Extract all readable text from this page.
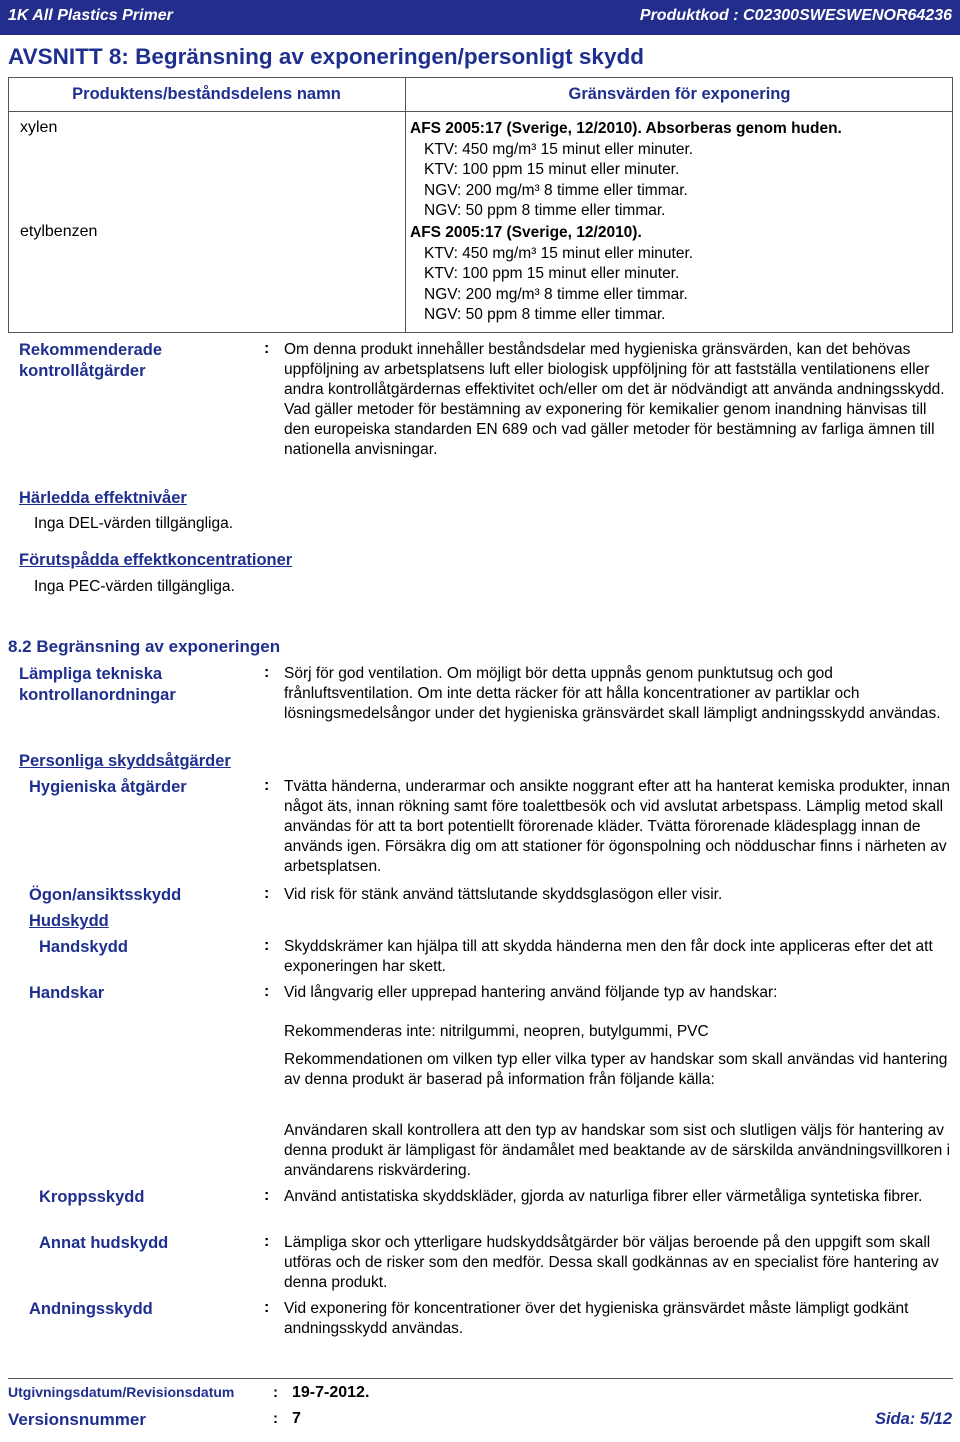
1K All Plastics Primer	Produktkod : C02300SWESWENOR64236
AVSNITT 8: Begränsning av exponeringen/personligt skydd
Produktens/beståndsdelens namn	Gränsvärden för exponering
xylen	AFS 2005:17 (Sverige, 12/2010). Absorberas genom huden.
KTV: 450 mg/m³ 15 minut eller minuter.
KTV: 100 ppm 15 minut eller minuter.
NGV: 200 mg/m³ 8 timme eller timmar.
NGV: 50 ppm 8 timme eller timmar.
etylbenzen	AFS 2005:17 (Sverige, 12/2010).
KTV: 450 mg/m³ 15 minut eller minuter.
KTV: 100 ppm 15 minut eller minuter.
NGV: 200 mg/m³ 8 timme eller timmar.
NGV: 50 ppm 8 timme eller timmar.
Rekommenderade
kontrollåtgärder
: Om denna produkt innehåller beståndsdelar med hygieniska gränsvärden, kan det behövas uppföljning av arbetsplatsens luft eller biologisk uppföljning för att fastställa ventilationens eller andra kontrollåtgärdernas effektivitet och/eller om det är nödvändigt att använda andningsskydd. Vad gäller metoder för bestämning av exponering för kemikalier genom inandning hänvisas till den europeiska standarden EN 689 och vad gäller metoder för bestämning av farliga ämnen till nationella anvisningar.
Härledda effektnivåer
Inga DEL-värden tillgängliga.
Förutspådda effektkoncentrationer
Inga PEC-värden tillgängliga.
8.2 Begränsning av exponeringen
Lämpliga tekniska
kontrollanordningar
: Sörj för god ventilation. Om möjligt bör detta uppnås genom punktutsug och god frånluftsventilation. Om inte detta räcker för att hålla koncentrationer av partiklar och lösningsmedelsångor under det hygieniska gränsvärdet skall lämpligt andningsskydd användas.
Personliga skyddsåtgärder
Hygieniska åtgärder	: Tvätta händerna, underarmar och ansikte noggrant efter att ha hanterat kemiska produkter, innan något äts, innan rökning samt före toalettbesök och vid avslutat arbetspass. Lämplig metod skall användas för att ta bort potentiellt förorenade kläder. Tvätta förorenade klädesplagg innan de används igen. Försäkra dig om att stationer för ögonspolning och nödduschar finns i närheten av arbetsplatsen.
Ögon/ansiktsskydd	: Vid risk för stänk använd tättslutande skyddsglasögon eller visir.
Hudskydd
Handskydd	: Skyddskrämer kan hjälpa till att skydda händerna men den får dock inte appliceras efter det att exponeringen har skett.
Handskar	: Vid långvarig eller upprepad hantering använd följande typ av handskar:
Rekommenderas inte: nitrilgummi, neopren, butylgummi, PVC
Rekommendationen om vilken typ eller vilka typer av handskar som skall användas vid hantering av denna produkt är baserad på information från följande källa:
Användaren skall kontrollera att den typ av handskar som sist och slutligen väljs för hantering av denna produkt är lämpligast för ändamålet med beaktande av de särskilda användningsvillkoren i användarens riskvärdering.
Kroppsskydd	: Använd antistatiska skyddskläder, gjorda av naturliga fibrer eller värmetåliga syntetiska fibrer.
Annat hudskydd	: Lämpliga skor och ytterligare hudskyddsåtgärder bör väljas beroende på den uppgift som skall utföras och de risker som den medför. Dessa skall godkännas av en specialist före hantering av denna produkt.
Andningsskydd	: Vid exponering för koncentrationer över det hygieniska gränsvärdet måste lämpligt godkänt andningsskydd användas.
Utgivningsdatum/Revisionsdatum	: 19-7-2012.
Versionsnummer	: 7	Sida: 5/12
